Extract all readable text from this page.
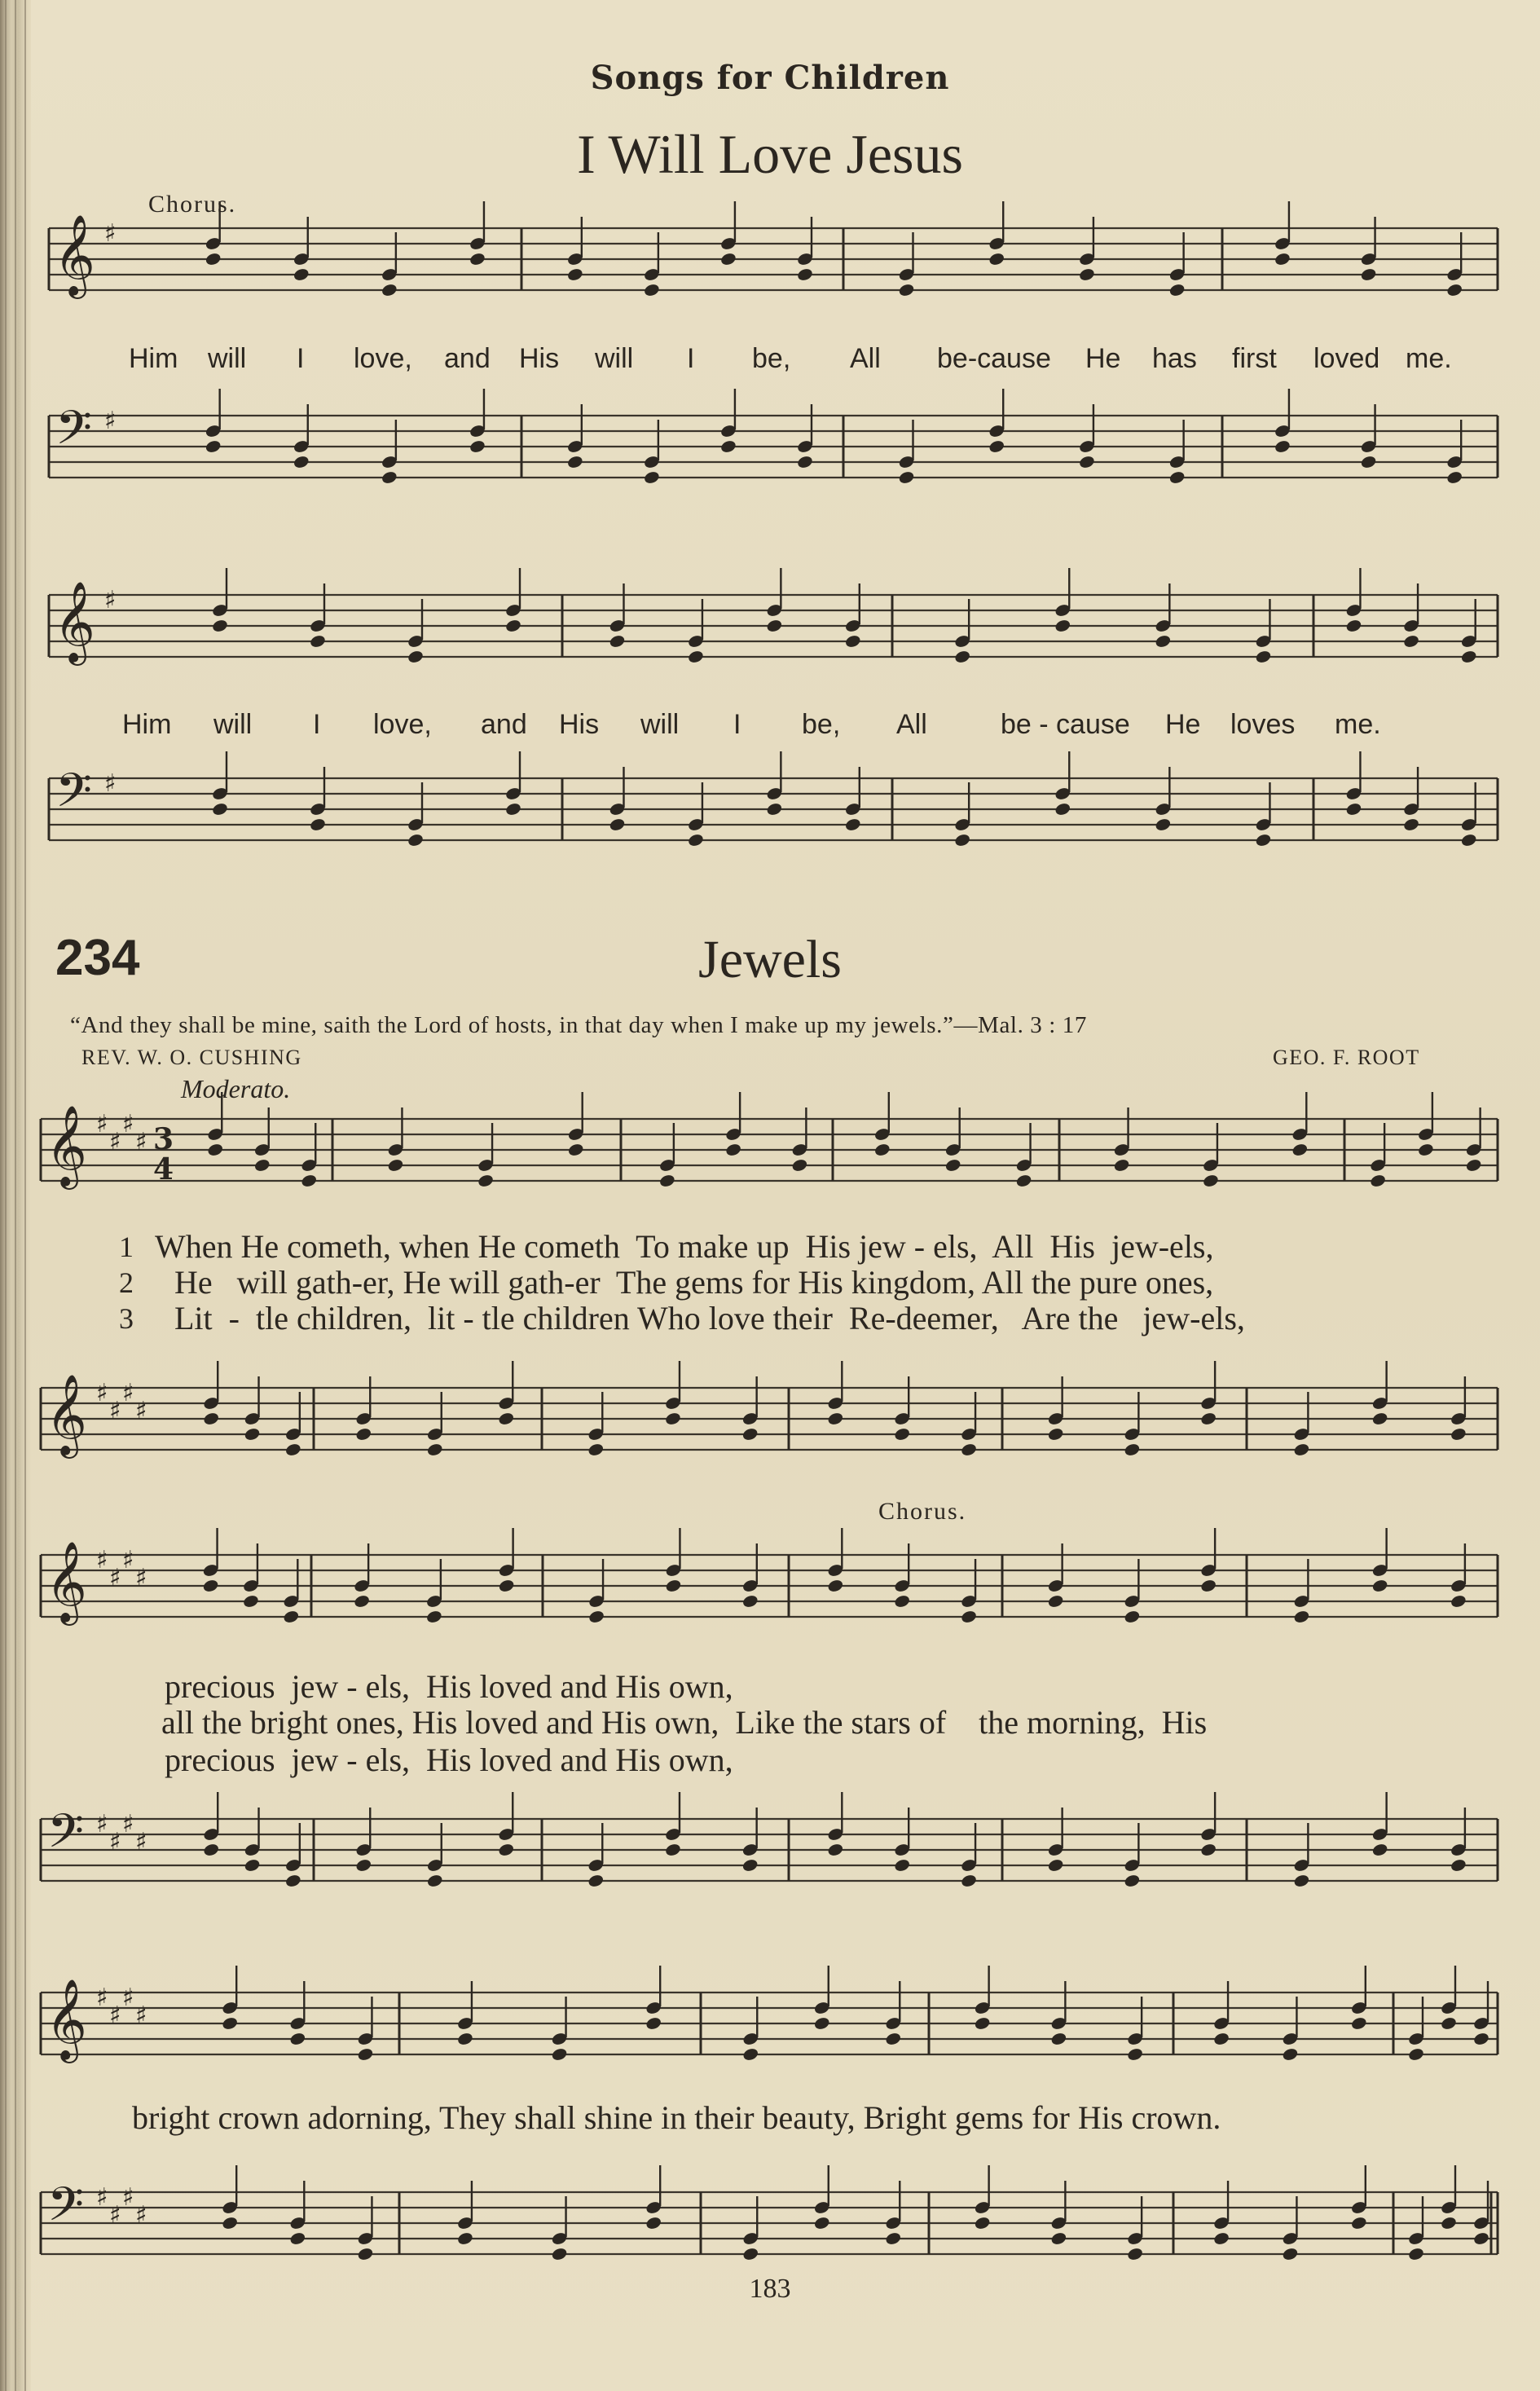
𝄞 ♯
𝄢 ♯
𝄞 ♯
𝄢 ♯
𝄞 ♯
♯
♯
♯ 3
4
𝄞 ♯
♯
♯
♯
𝄞 ♯
♯
♯
♯
𝄢 ♯
♯
♯
♯
𝄞 ♯
♯
♯
♯
𝄢 ♯
♯
♯
♯
Songs for Children
I Will Love Jesus
Chorus.
Him will I love, and His will I be, All be-cause He has first loved me.
Him will I love, and His will I be, All	be - cause He loves me.
234	Jewels
“And they shall be mine, saith the Lord of hosts, in that day when I make up my jewels.”—Mal. 3 : 17
REV. W. O. CUSHING	GEO. F. ROOT
Moderato.
Chorus.
1 When He cometh, when He cometh  To make up  His jew - els,  All  His  jew-els,
2 He   will gath-er, He will gath-er  The gems for His kingdom, All the pure ones,
3 Lit  -  tle children,  lit - tle children Who love their  Re-deemer,   Are the   jew-els,
precious  jew - els,  His loved and His own,
all the bright ones, His loved and His own,  Like the stars of    the morning,  His
precious  jew - els,  His loved and His own,
bright crown adorning, They shall shine in their beauty, Bright gems for His crown.
183
